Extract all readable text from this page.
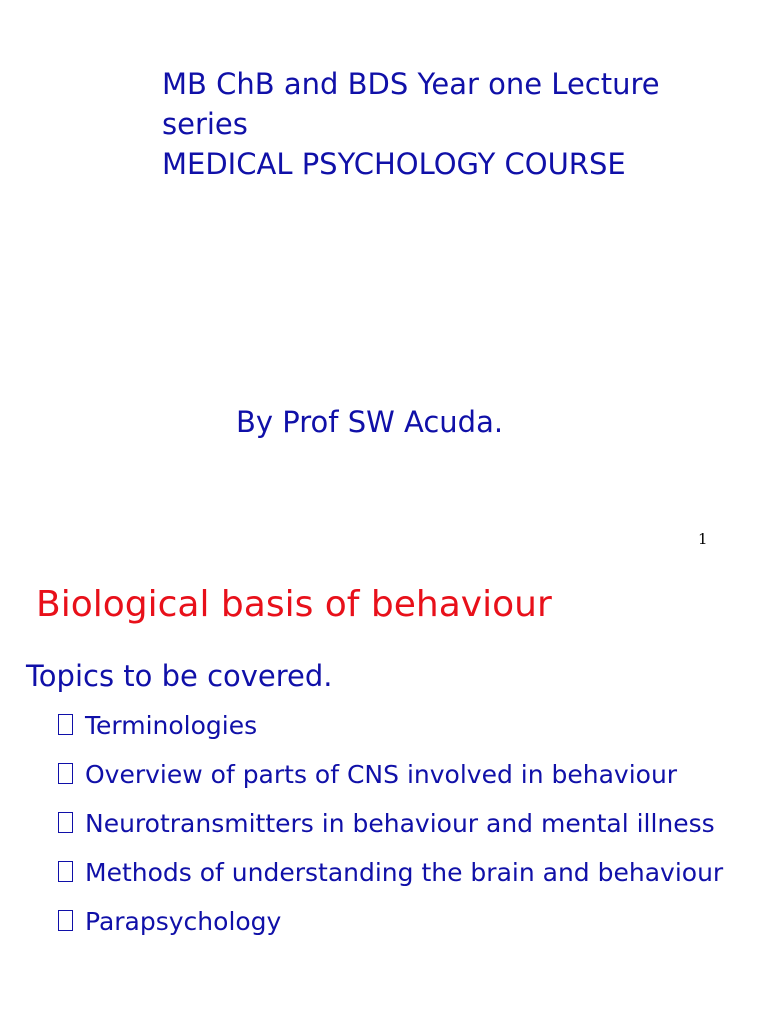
MB ChB and BDS Year one Lecture
series
MEDICAL PSYCHOLOGY COURSE
By Prof SW Acuda.
1
Biological basis of behaviour
Topics to be covered.
Terminologies
Overview of parts of CNS involved in behaviour
Neurotransmitters in behaviour and mental illness
Methods of understanding the brain and behaviour
Parapsychology
